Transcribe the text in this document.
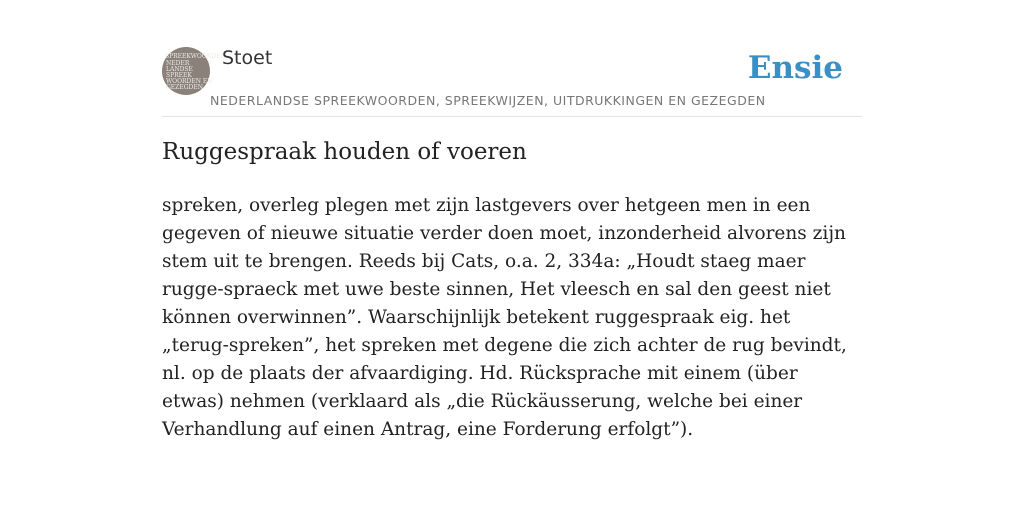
SPREEKWOORDEN
NEDER
LANDSE
SPREEK
WOORDEN EN
GEZEGDEN
Stoet
NEDERLANDSE SPREEKWOORDEN, SPREEKWIJZEN, UITDRUKKINGEN EN GEZEGDEN
Ensie
Ruggespraak houden of voeren

spreken, overleg plegen met zijn lastgevers over hetgeen men in een gegeven of nieuwe situatie verder doen moet, inzonderheid alvorens zijn stem uit te brengen. Reeds bij Cats, o.a. 2, 334a: „Houdt staeg maer rugge-spraeck met uwe beste sinnen, Het vleesch en sal den geest niet können overwinnen”. Waarschijnlijk betekent ruggespraak eig. het „terug-spreken”, het spreken met degene die zich achter de rug bevindt, nl. op de plaats der afvaardiging. Hd. Rücksprache mit einem (über etwas) nehmen (verklaard als „die Rückäusserung, welche bei einer Verhandlung auf einen Antrag, eine Forderung erfolgt”).
